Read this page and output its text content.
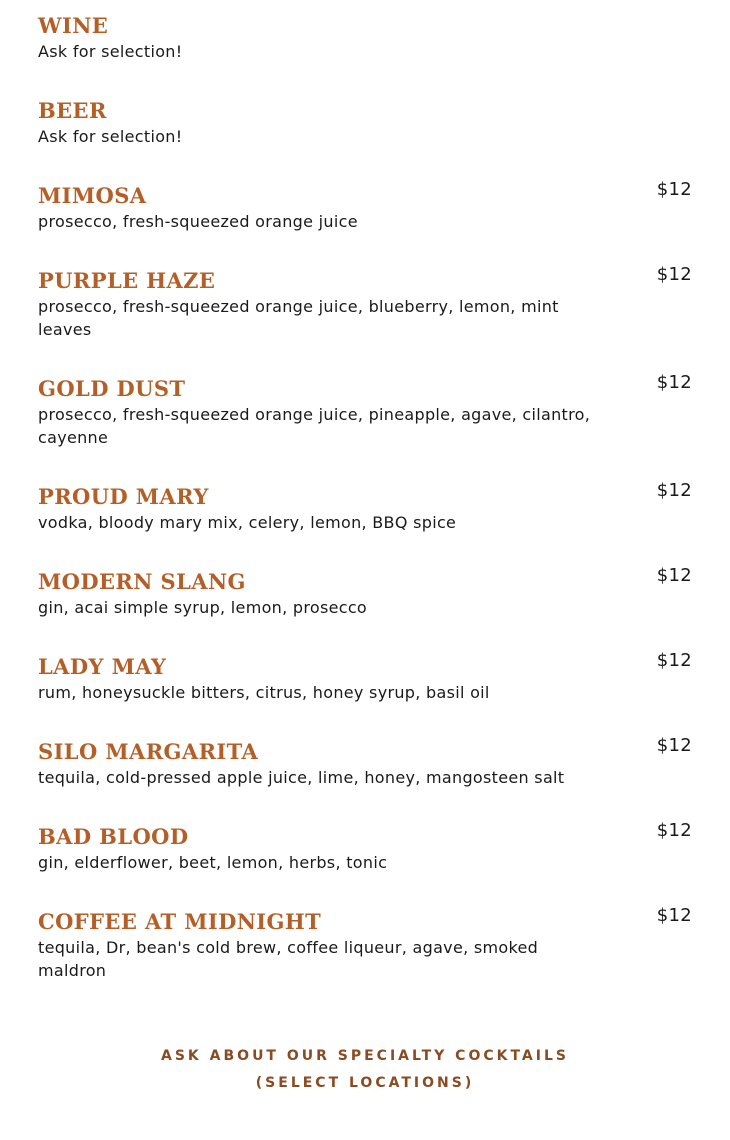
WINE
Ask for selection!
BEER
Ask for selection!
MIMOSA	$12
prosecco, fresh-squeezed orange juice
PURPLE HAZE	$12
prosecco, fresh-squeezed orange juice, blueberry, lemon, mint leaves
GOLD DUST	$12
prosecco, fresh-squeezed orange juice, pineapple, agave, cilantro, cayenne
PROUD MARY	$12
vodka, bloody mary mix, celery, lemon, BBQ spice
MODERN SLANG	$12
gin, acai simple syrup, lemon, prosecco
LADY MAY	$12
rum, honeysuckle bitters, citrus, honey syrup, basil oil
SILO MARGARITA	$12
tequila, cold-pressed apple juice, lime, honey, mangosteen salt
BAD BLOOD	$12
gin, elderflower, beet, lemon, herbs, tonic
COFFEE AT MIDNIGHT	$12
tequila, Dr, bean's cold brew, coffee liqueur, agave, smoked maldron
ASK ABOUT OUR SPECIALTY COCKTAILS
(SELECT LOCATIONS)
